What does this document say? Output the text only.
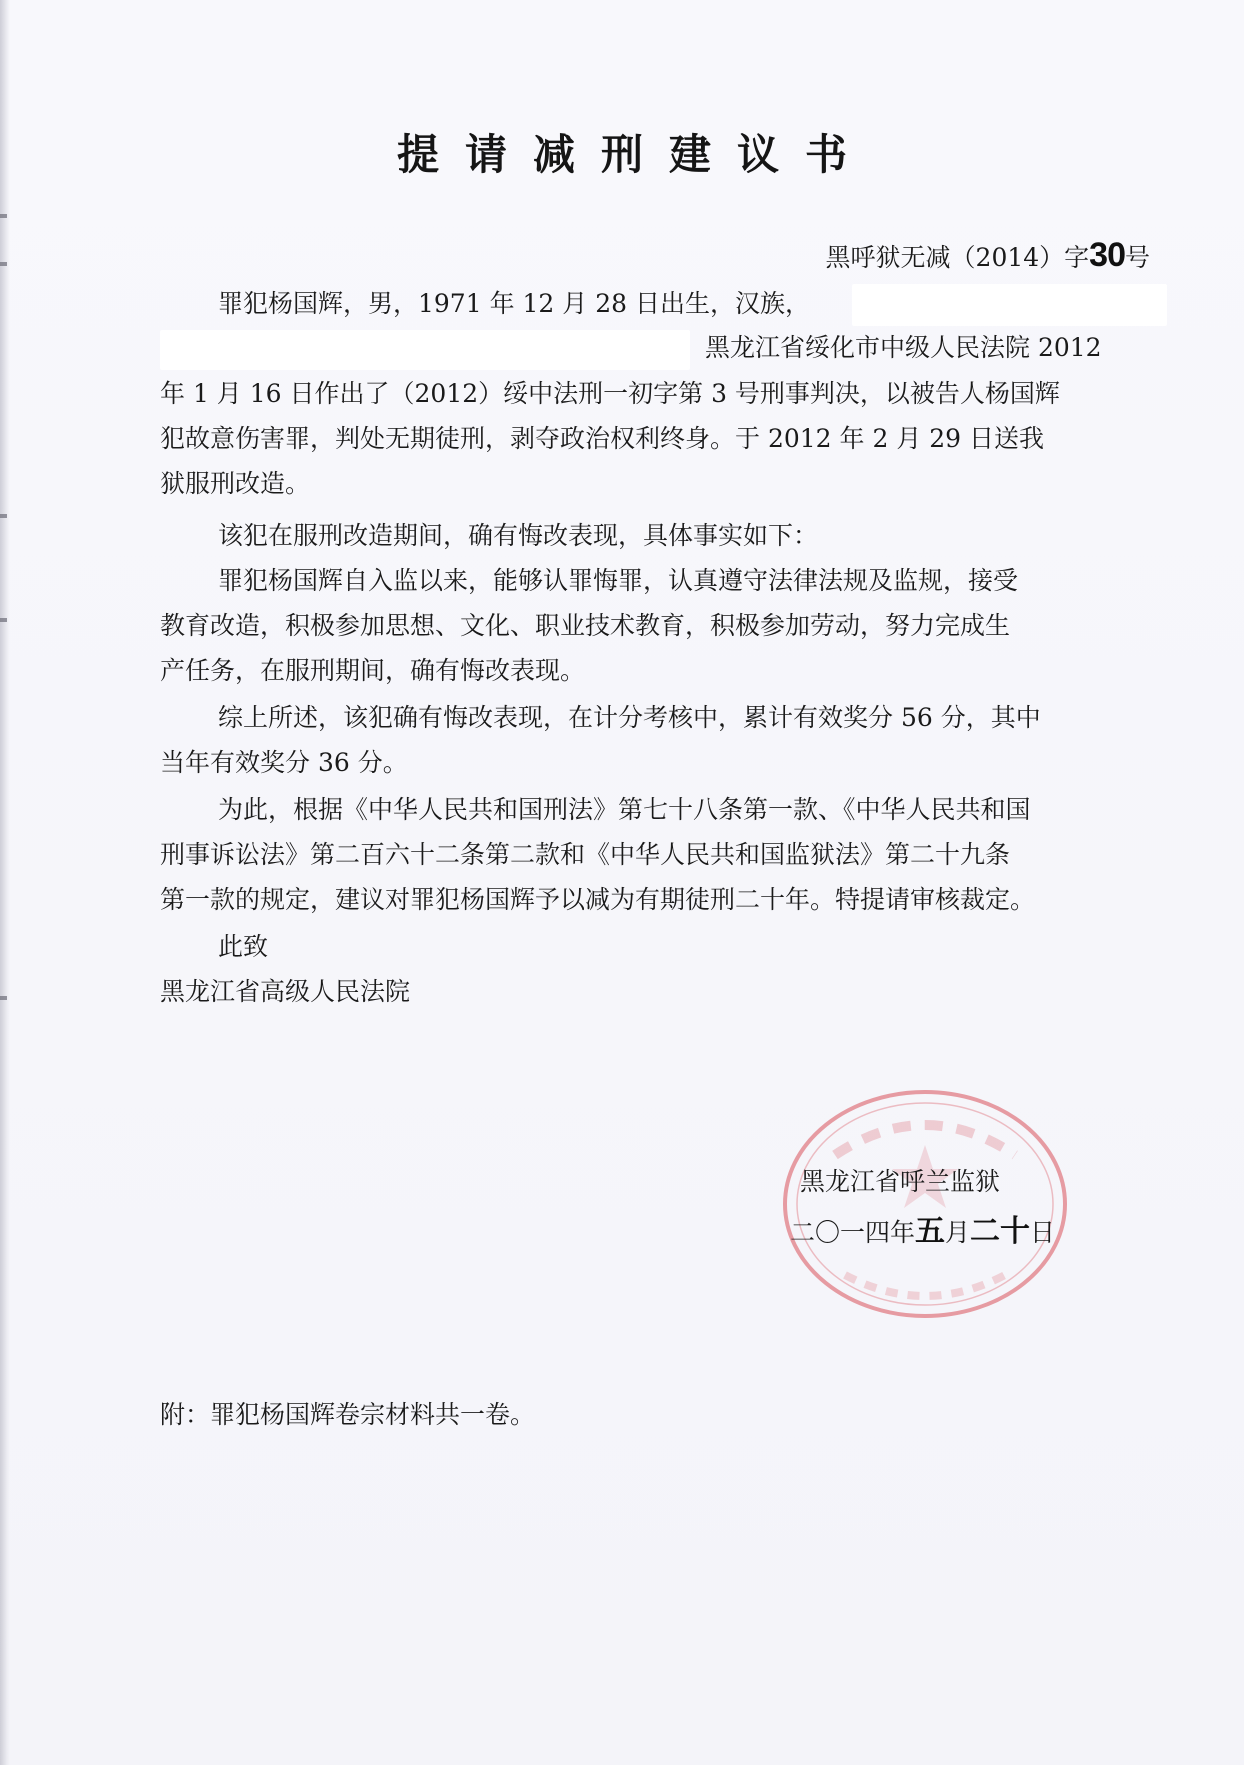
提请减刑建议书
黑呼狱无减（2014）字30号
罪犯杨国辉，男，1971 年 12 月 28 日出生，汉族，
黑龙江省绥化市中级人民法院 2012
年 1 月 16 日作出了（2012）绥中法刑一初字第 3 号刑事判决，以被告人杨国辉
犯故意伤害罪，判处无期徒刑，剥夺政治权利终身。于 2012 年 2 月 29 日送我
狱服刑改造。
该犯在服刑改造期间，确有悔改表现，具体事实如下：
罪犯杨国辉自入监以来，能够认罪悔罪，认真遵守法律法规及监规，接受
教育改造，积极参加思想、文化、职业技术教育，积极参加劳动，努力完成生
产任务，在服刑期间，确有悔改表现。
综上所述，该犯确有悔改表现，在计分考核中，累计有效奖分 56 分，其中
当年有效奖分 36 分。
为此，根据《中华人民共和国刑法》第七十八条第一款、《中华人民共和国
刑事诉讼法》第二百六十二条第二款和《中华人民共和国监狱法》第二十九条
第一款的规定，建议对罪犯杨国辉予以减为有期徒刑二十年。特提请审核裁定。
此致
黑龙江省高级人民法院
黑龙江省呼兰监狱
二〇一四年五月二十日
附：罪犯杨国辉卷宗材料共一卷。
